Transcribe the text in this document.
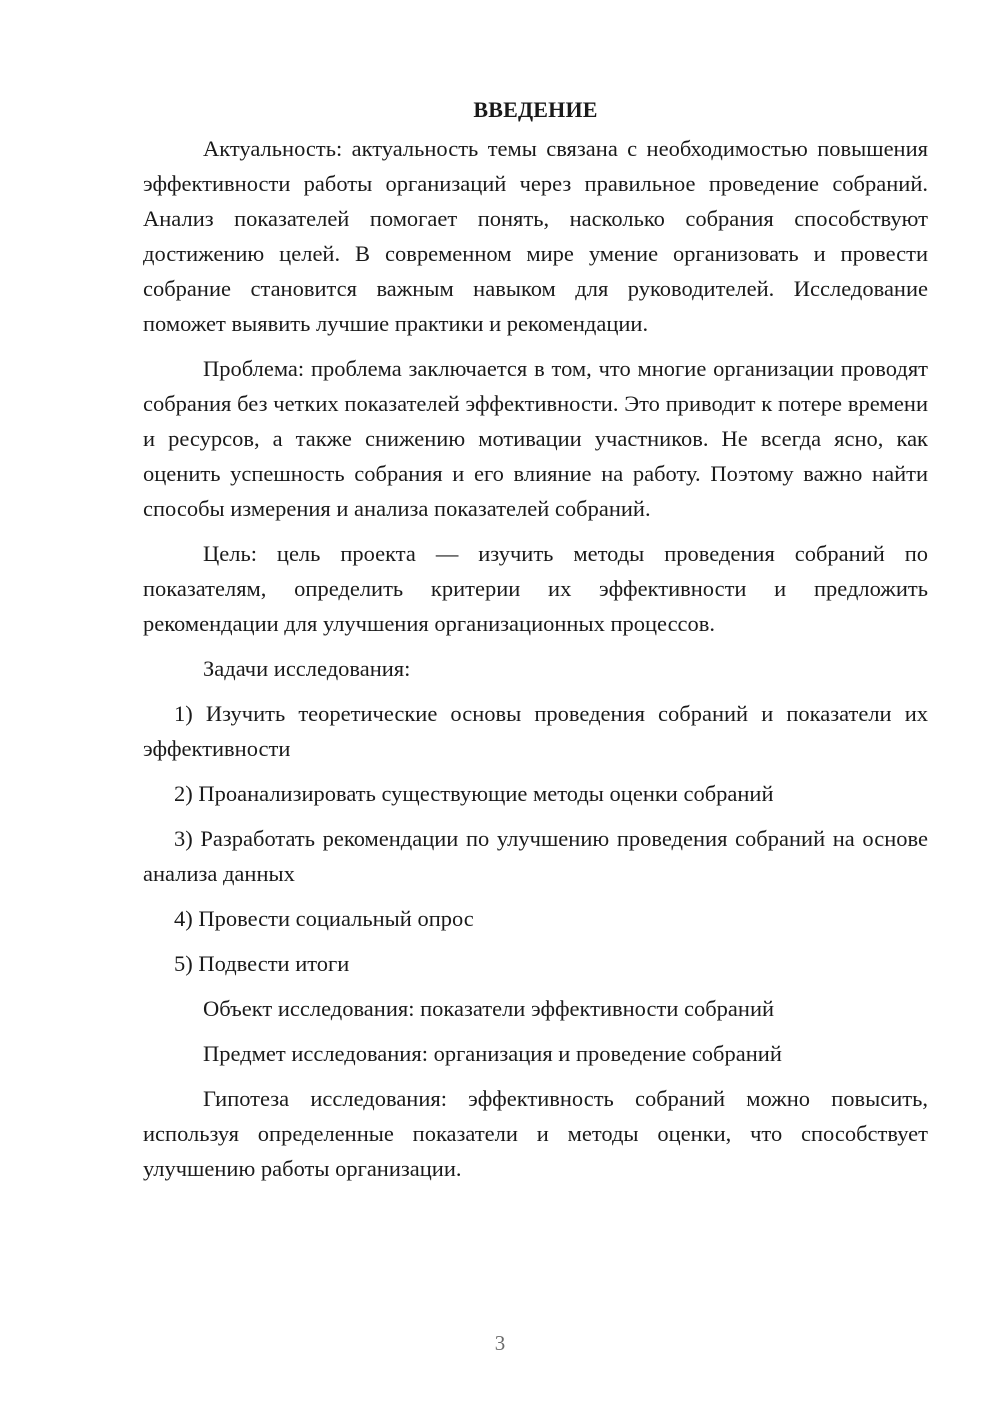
ВВЕДЕНИЕ

Актуальность: актуальность темы связана с необходимостью повышения эффективности работы организаций через правильное проведение собраний. Анализ показателей помогает понять, насколько собрания способствуют достижению целей. В современном мире умение организовать и провести собрание становится важным навыком для руководителей. Исследование поможет выявить лучшие практики и рекомендации.

Проблема: проблема заключается в том, что многие организации проводят собрания без четких показателей эффективности. Это приводит к потере времени и ресурсов, а также снижению мотивации участников. Не всегда ясно, как оценить успешность собрания и его влияние на работу. Поэтому важно найти способы измерения и анализа показателей собраний.

Цель: цель проекта — изучить методы проведения собраний по показателям, определить критерии их эффективности и предложить рекомендации для улучшения организационных процессов.

Задачи исследования:

1) Изучить теоретические основы проведения собраний и показатели их эффективности

2) Проанализировать существующие методы оценки собраний

3) Разработать рекомендации по улучшению проведения собраний на основе анализа данных

4) Провести социальный опрос

5) Подвести итоги

Объект исследования: показатели эффективности собраний

Предмет исследования: организация и проведение собраний

Гипотеза исследования: эффективность собраний можно повысить, используя определенные показатели и методы оценки, что способствует улучшению работы организации.

3
